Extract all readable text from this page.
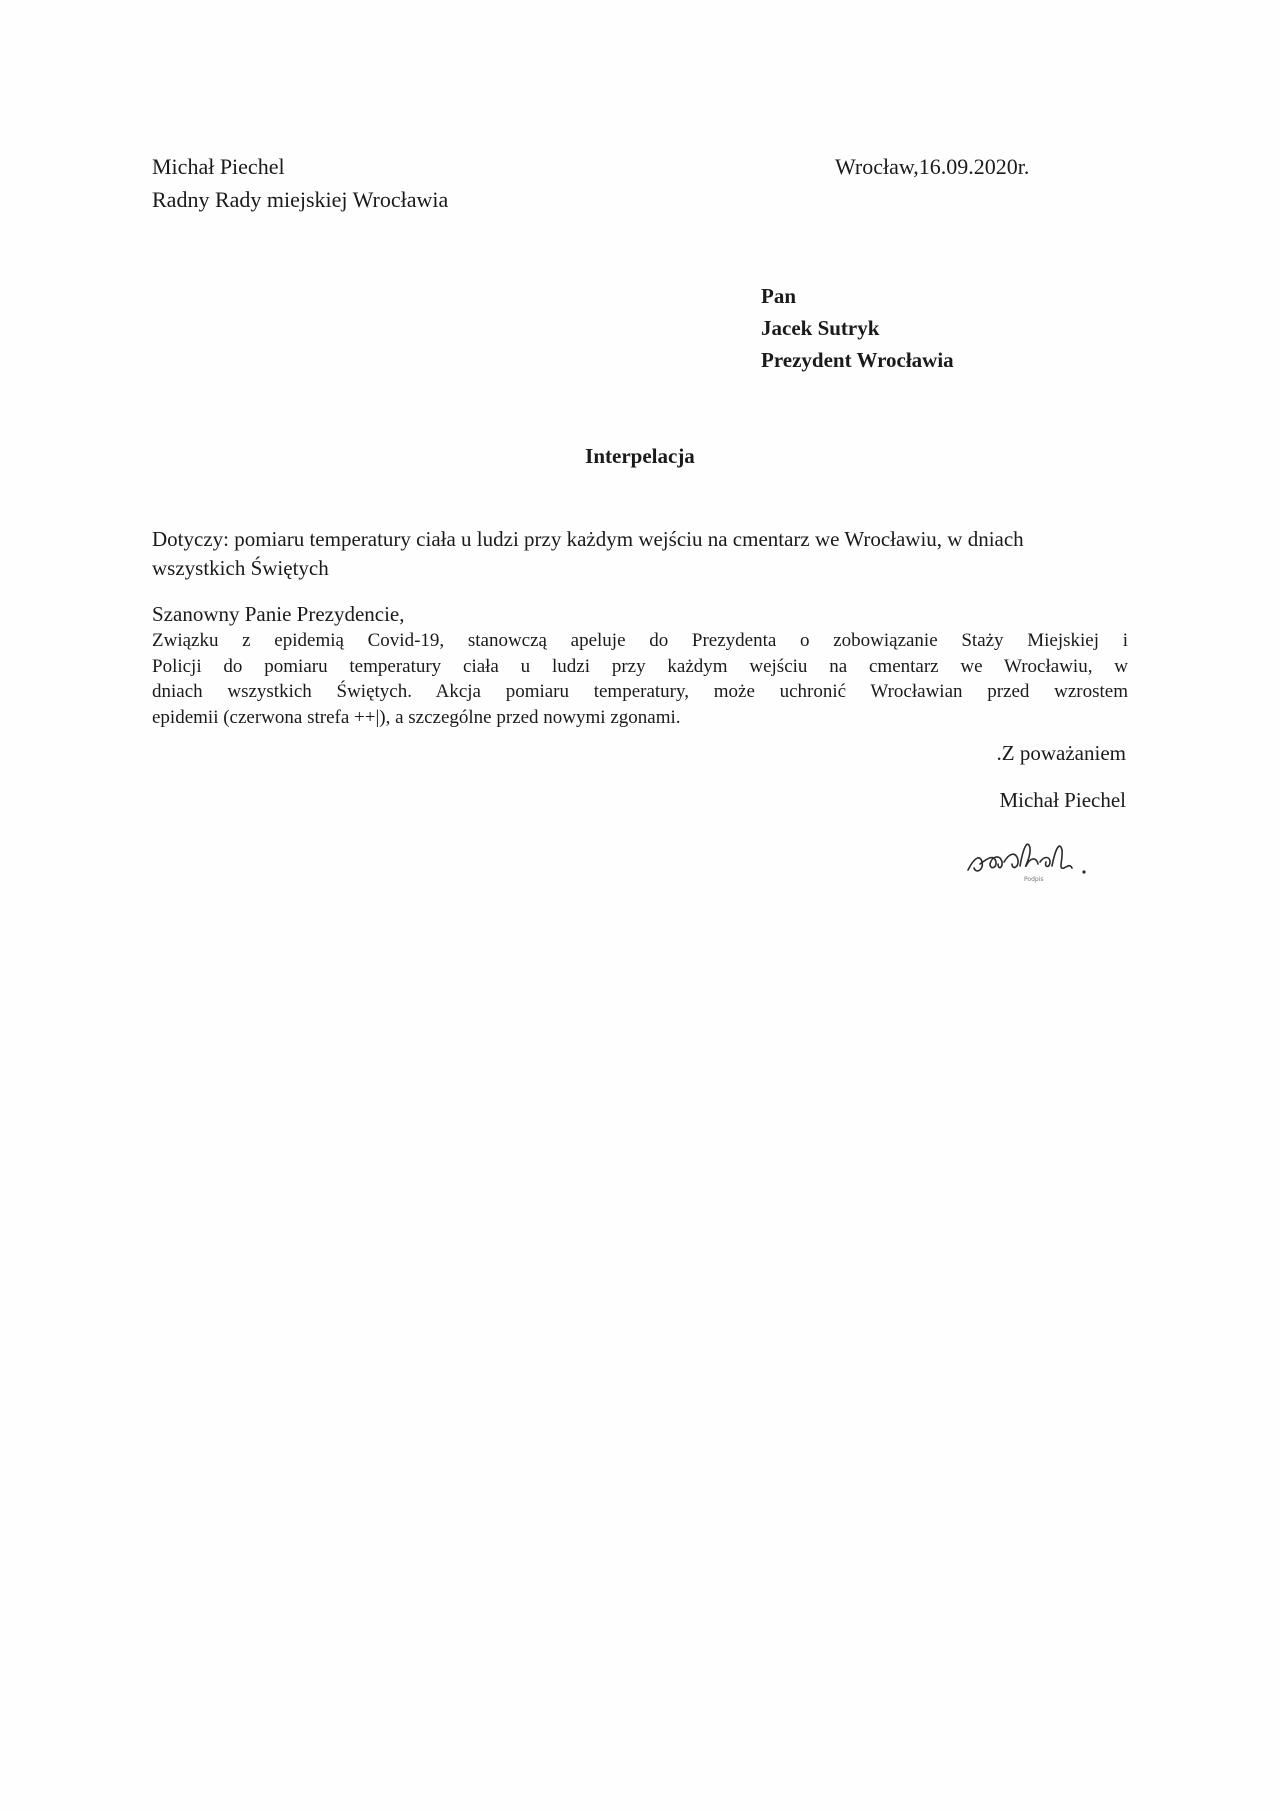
Michał Piechel
Radny Rady miejskiej Wrocławia
Wrocław,16.09.2020r.
Pan
Jacek Sutryk
Prezydent Wrocławia
Interpelacja
Dotyczy: pomiaru temperatury ciała u ludzi przy każdym wejściu na cmentarz we Wrocławiu, w dniach wszystkich Świętych
Szanowny Panie Prezydencie,
Związku z epidemią Covid-19, stanowczą apeluje do Prezydenta o zobowiązanie Staży Miejskiej i
Policji do pomiaru temperatury ciała u ludzi przy każdym wejściu na cmentarz we Wrocławiu, w
dniach wszystkich Świętych. Akcja pomiaru temperatury, może uchronić Wrocławian przed wzrostem
epidemii (czerwona strefa ++|), a szczególne przed nowymi zgonami.
.Z poważaniem
Michał Piechel
Podpis
